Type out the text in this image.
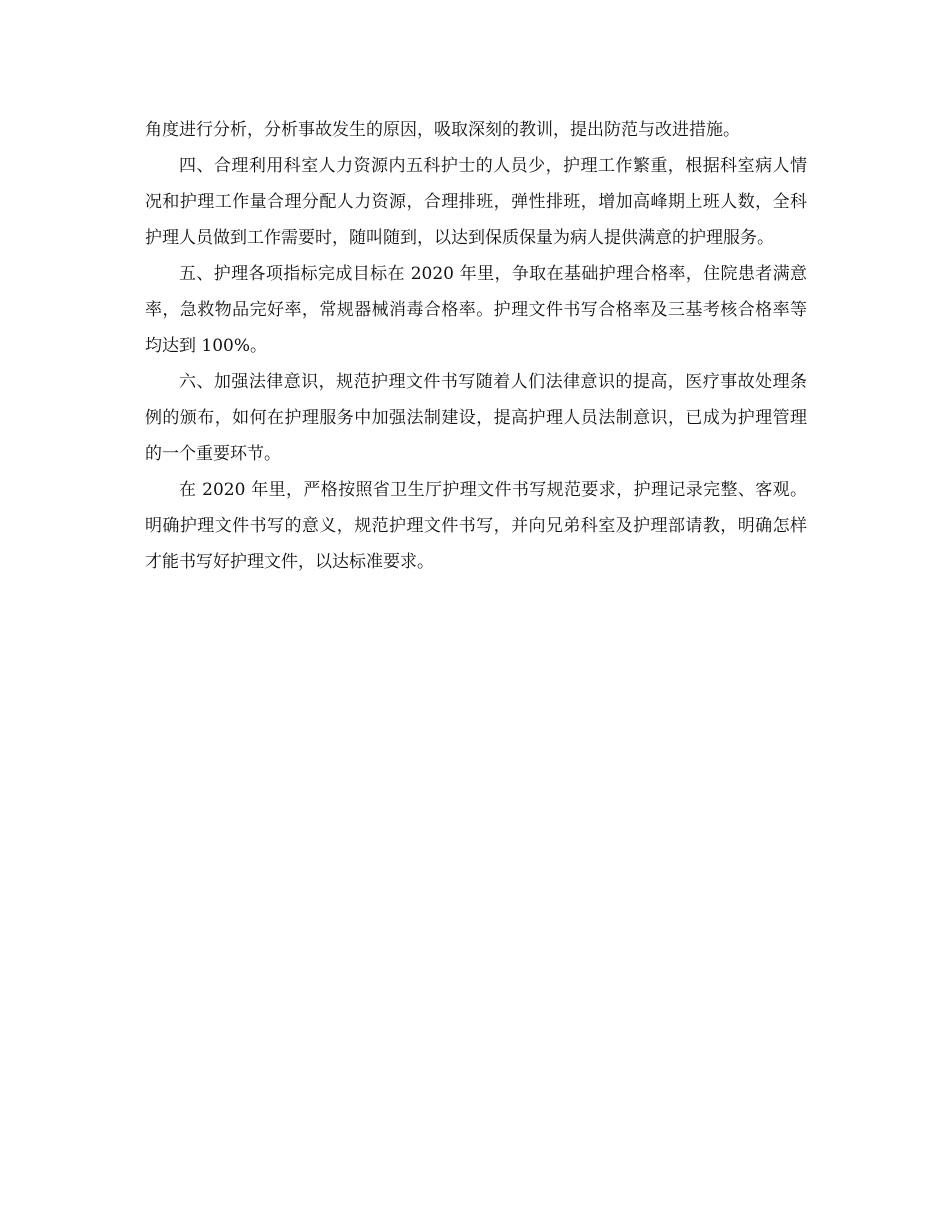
角度进行分析，分析事故发生的原因，吸取深刻的教训，提出防范与改进措施。

四、合理利用科室人力资源内五科护士的人员少，护理工作繁重，根据科室病人情况和护理工作量合理分配人力资源，合理排班，弹性排班，增加高峰期上班人数，全科护理人员做到工作需要时，随叫随到，以达到保质保量为病人提供满意的护理服务。

五、护理各项指标完成目标在 2020 年里，争取在基础护理合格率，住院患者满意率，急救物品完好率，常规器械消毒合格率。护理文件书写合格率及三基考核合格率等均达到 100%。

六、加强法律意识，规范护理文件书写随着人们法律意识的提高，医疗事故处理条例的颁布，如何在护理服务中加强法制建设，提高护理人员法制意识，已成为护理管理的一个重要环节。

在 2020 年里，严格按照省卫生厅护理文件书写规范要求，护理记录完整、客观。明确护理文件书写的意义，规范护理文件书写，并向兄弟科室及护理部请教，明确怎样才能书写好护理文件，以达标准要求。
